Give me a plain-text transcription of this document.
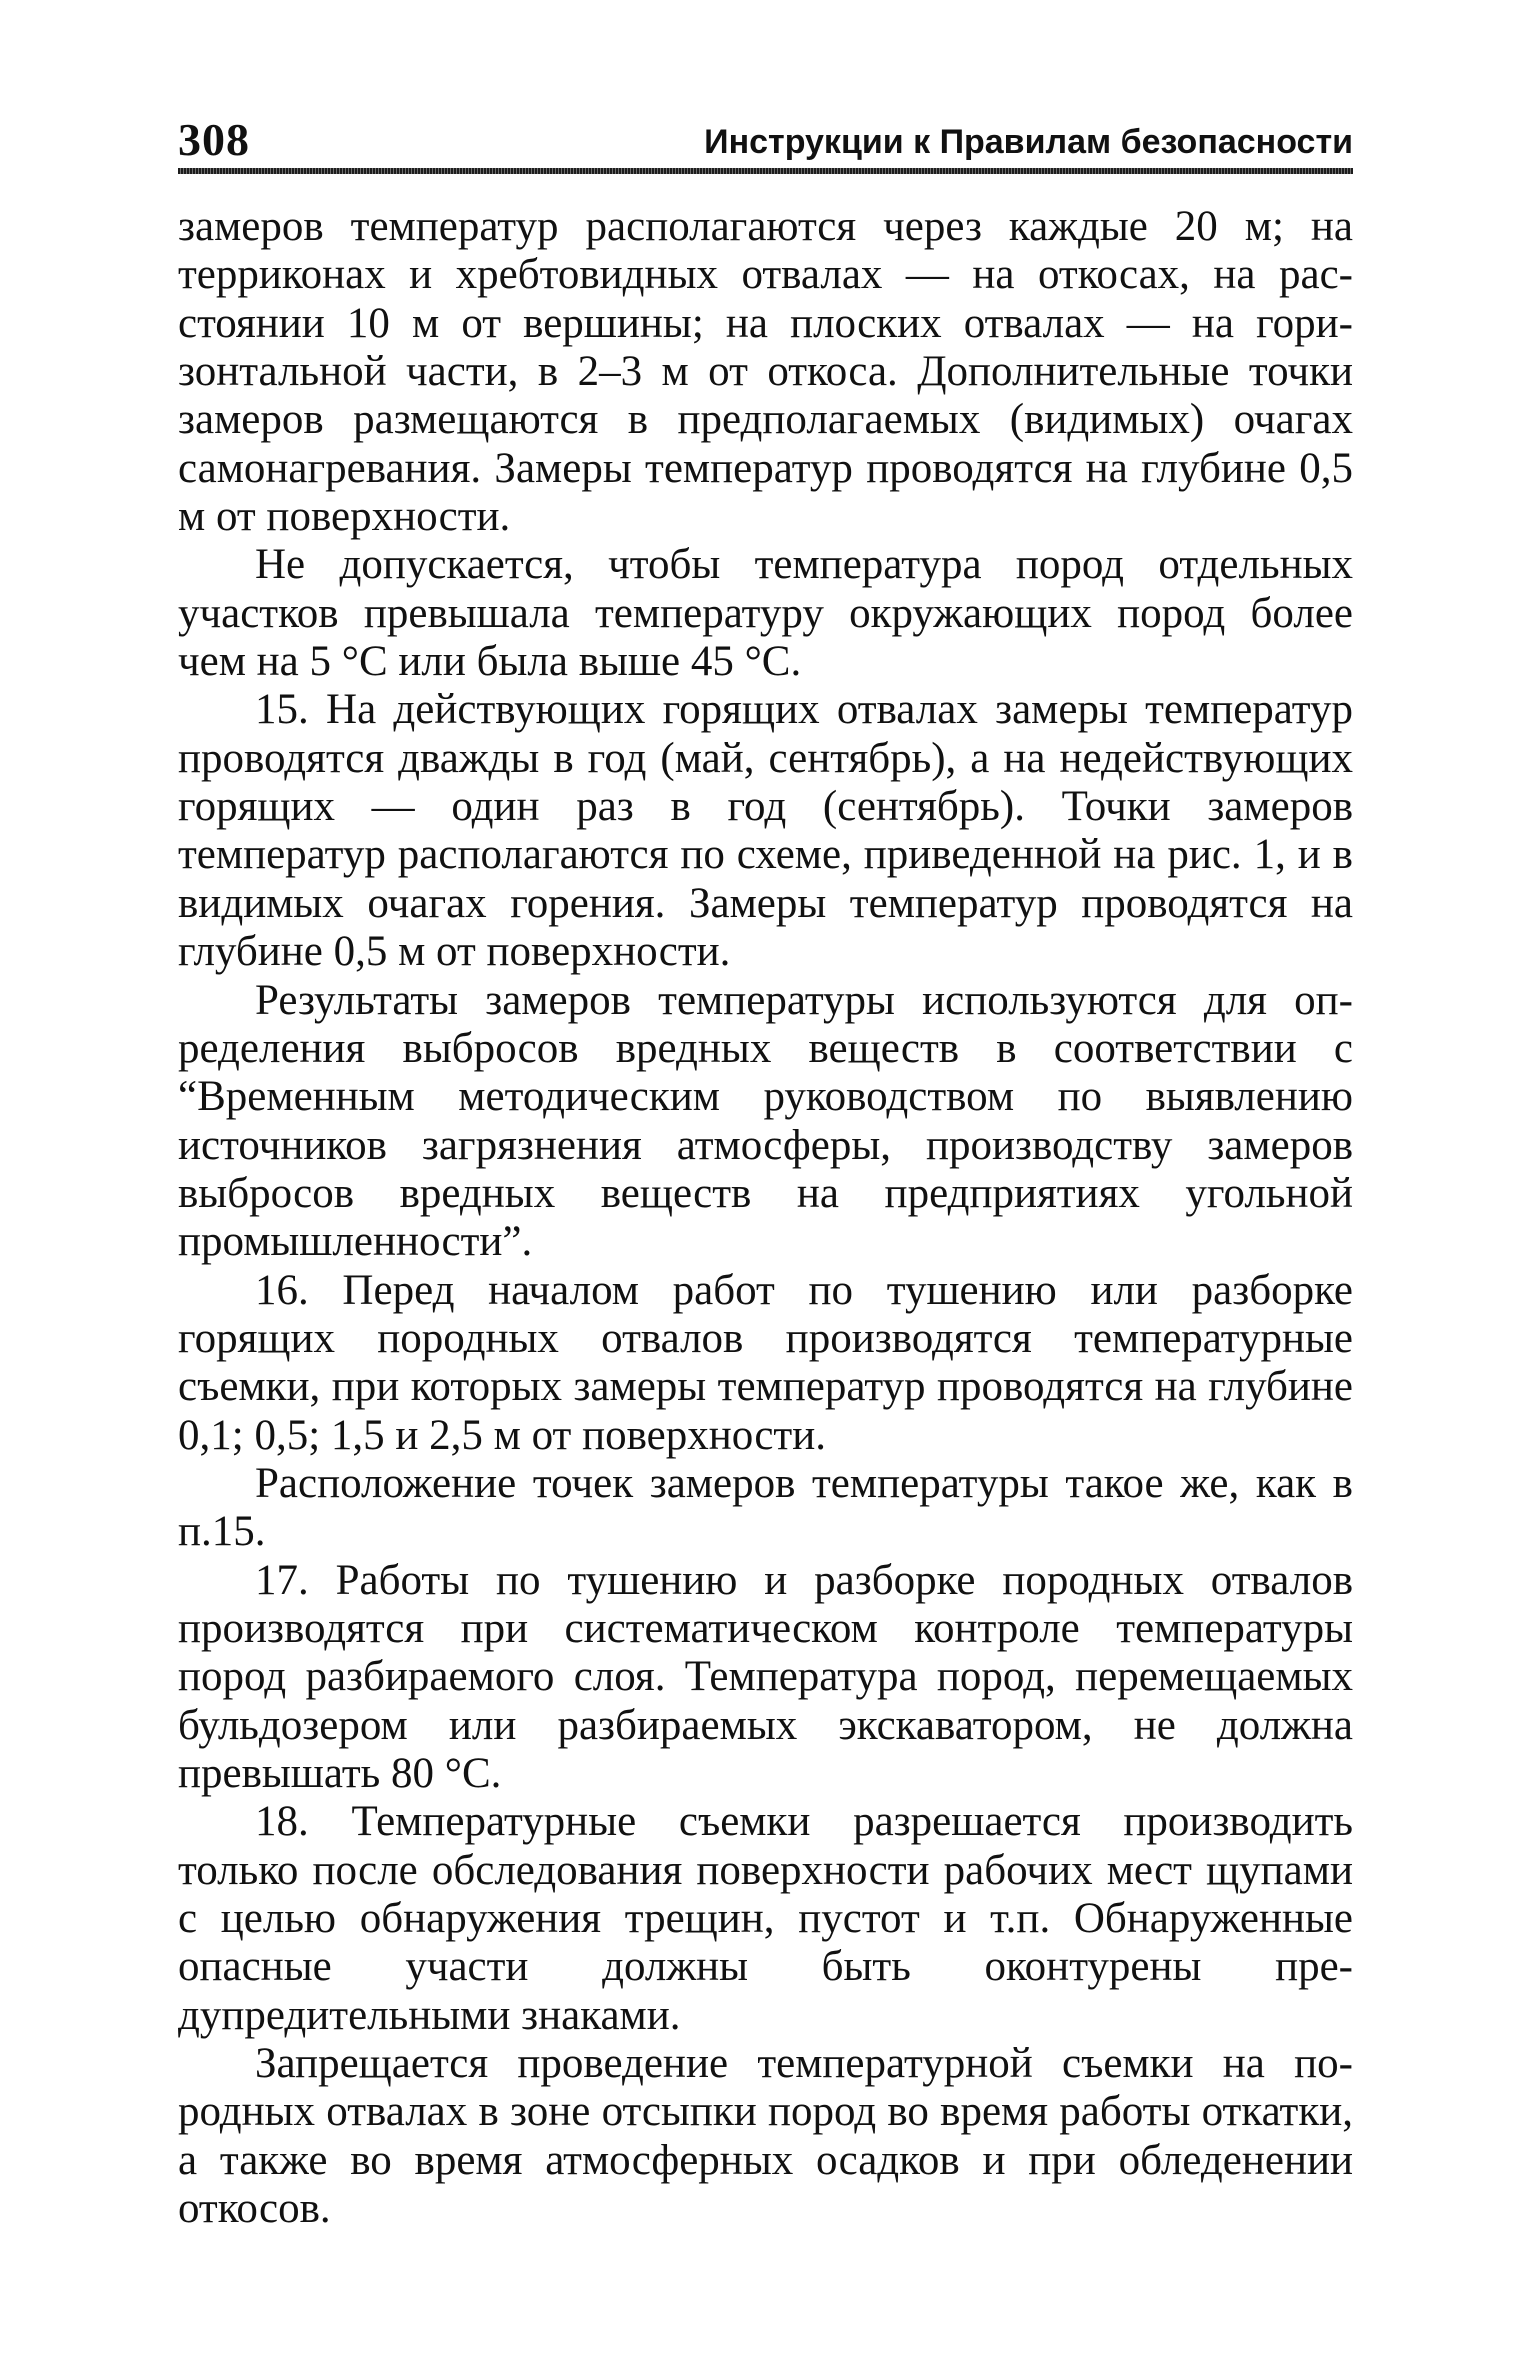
308	Инструкции к Правилам безопасности

замеров температур располагаются через каждые 20 м; на терриконах и хребтовидных отвалах — на откосах, на расстоянии 10 м от вершины; на плоских отвалах — на горизонтальной части, в 2–3 м от откоса. Дополнительные точки замеров размещаются в предполагаемых (видимых) очагах самонагревания. Замеры температур проводятся на глубине 0,5 м от поверхности.

Не допускается, чтобы температура пород отдельных участков превышала температуру окружающих пород более чем на 5 °С или была выше 45 °С.

15. На действующих горящих отвалах замеры температур проводятся дважды в год (май, сентябрь), а на недействующих горящих — один раз в год (сентябрь). Точки замеров температур располагаются по схеме, приведенной на рис. 1, и в видимых очагах горения. Замеры температур проводятся на глубине 0,5 м от поверхности.

Результаты замеров температуры используются для определения выбросов вредных веществ в соответствии с “Временным методическим руководством по выявлению источников загрязнения атмосферы, производству замеров выбросов вредных веществ на предприятиях угольной промышленности”.

16. Перед началом работ по тушению или разборке горящих породных отвалов производятся температурные съемки, при которых замеры температур проводятся на глубине 0,1; 0,5; 1,5 и 2,5 м от поверхности.

Расположение точек замеров температуры такое же, как в п.15.

17. Работы по тушению и разборке породных отвалов производятся при систематическом контроле температуры пород разбираемого слоя. Температура пород, перемещаемых бульдозером или разбираемых экскаватором, не должна превышать 80 °С.

18. Температурные съемки разрешается производить только после обследования поверхности рабочих мест щупами с целью обнаружения трещин, пустот и т.п. Обнаруженные опасные участи должны быть оконтурены предупредительными знаками.

Запрещается проведение температурной съемки на породных отвалах в зоне отсыпки пород во время работы откатки, а также во время атмосферных осадков и при обледенении откосов.
